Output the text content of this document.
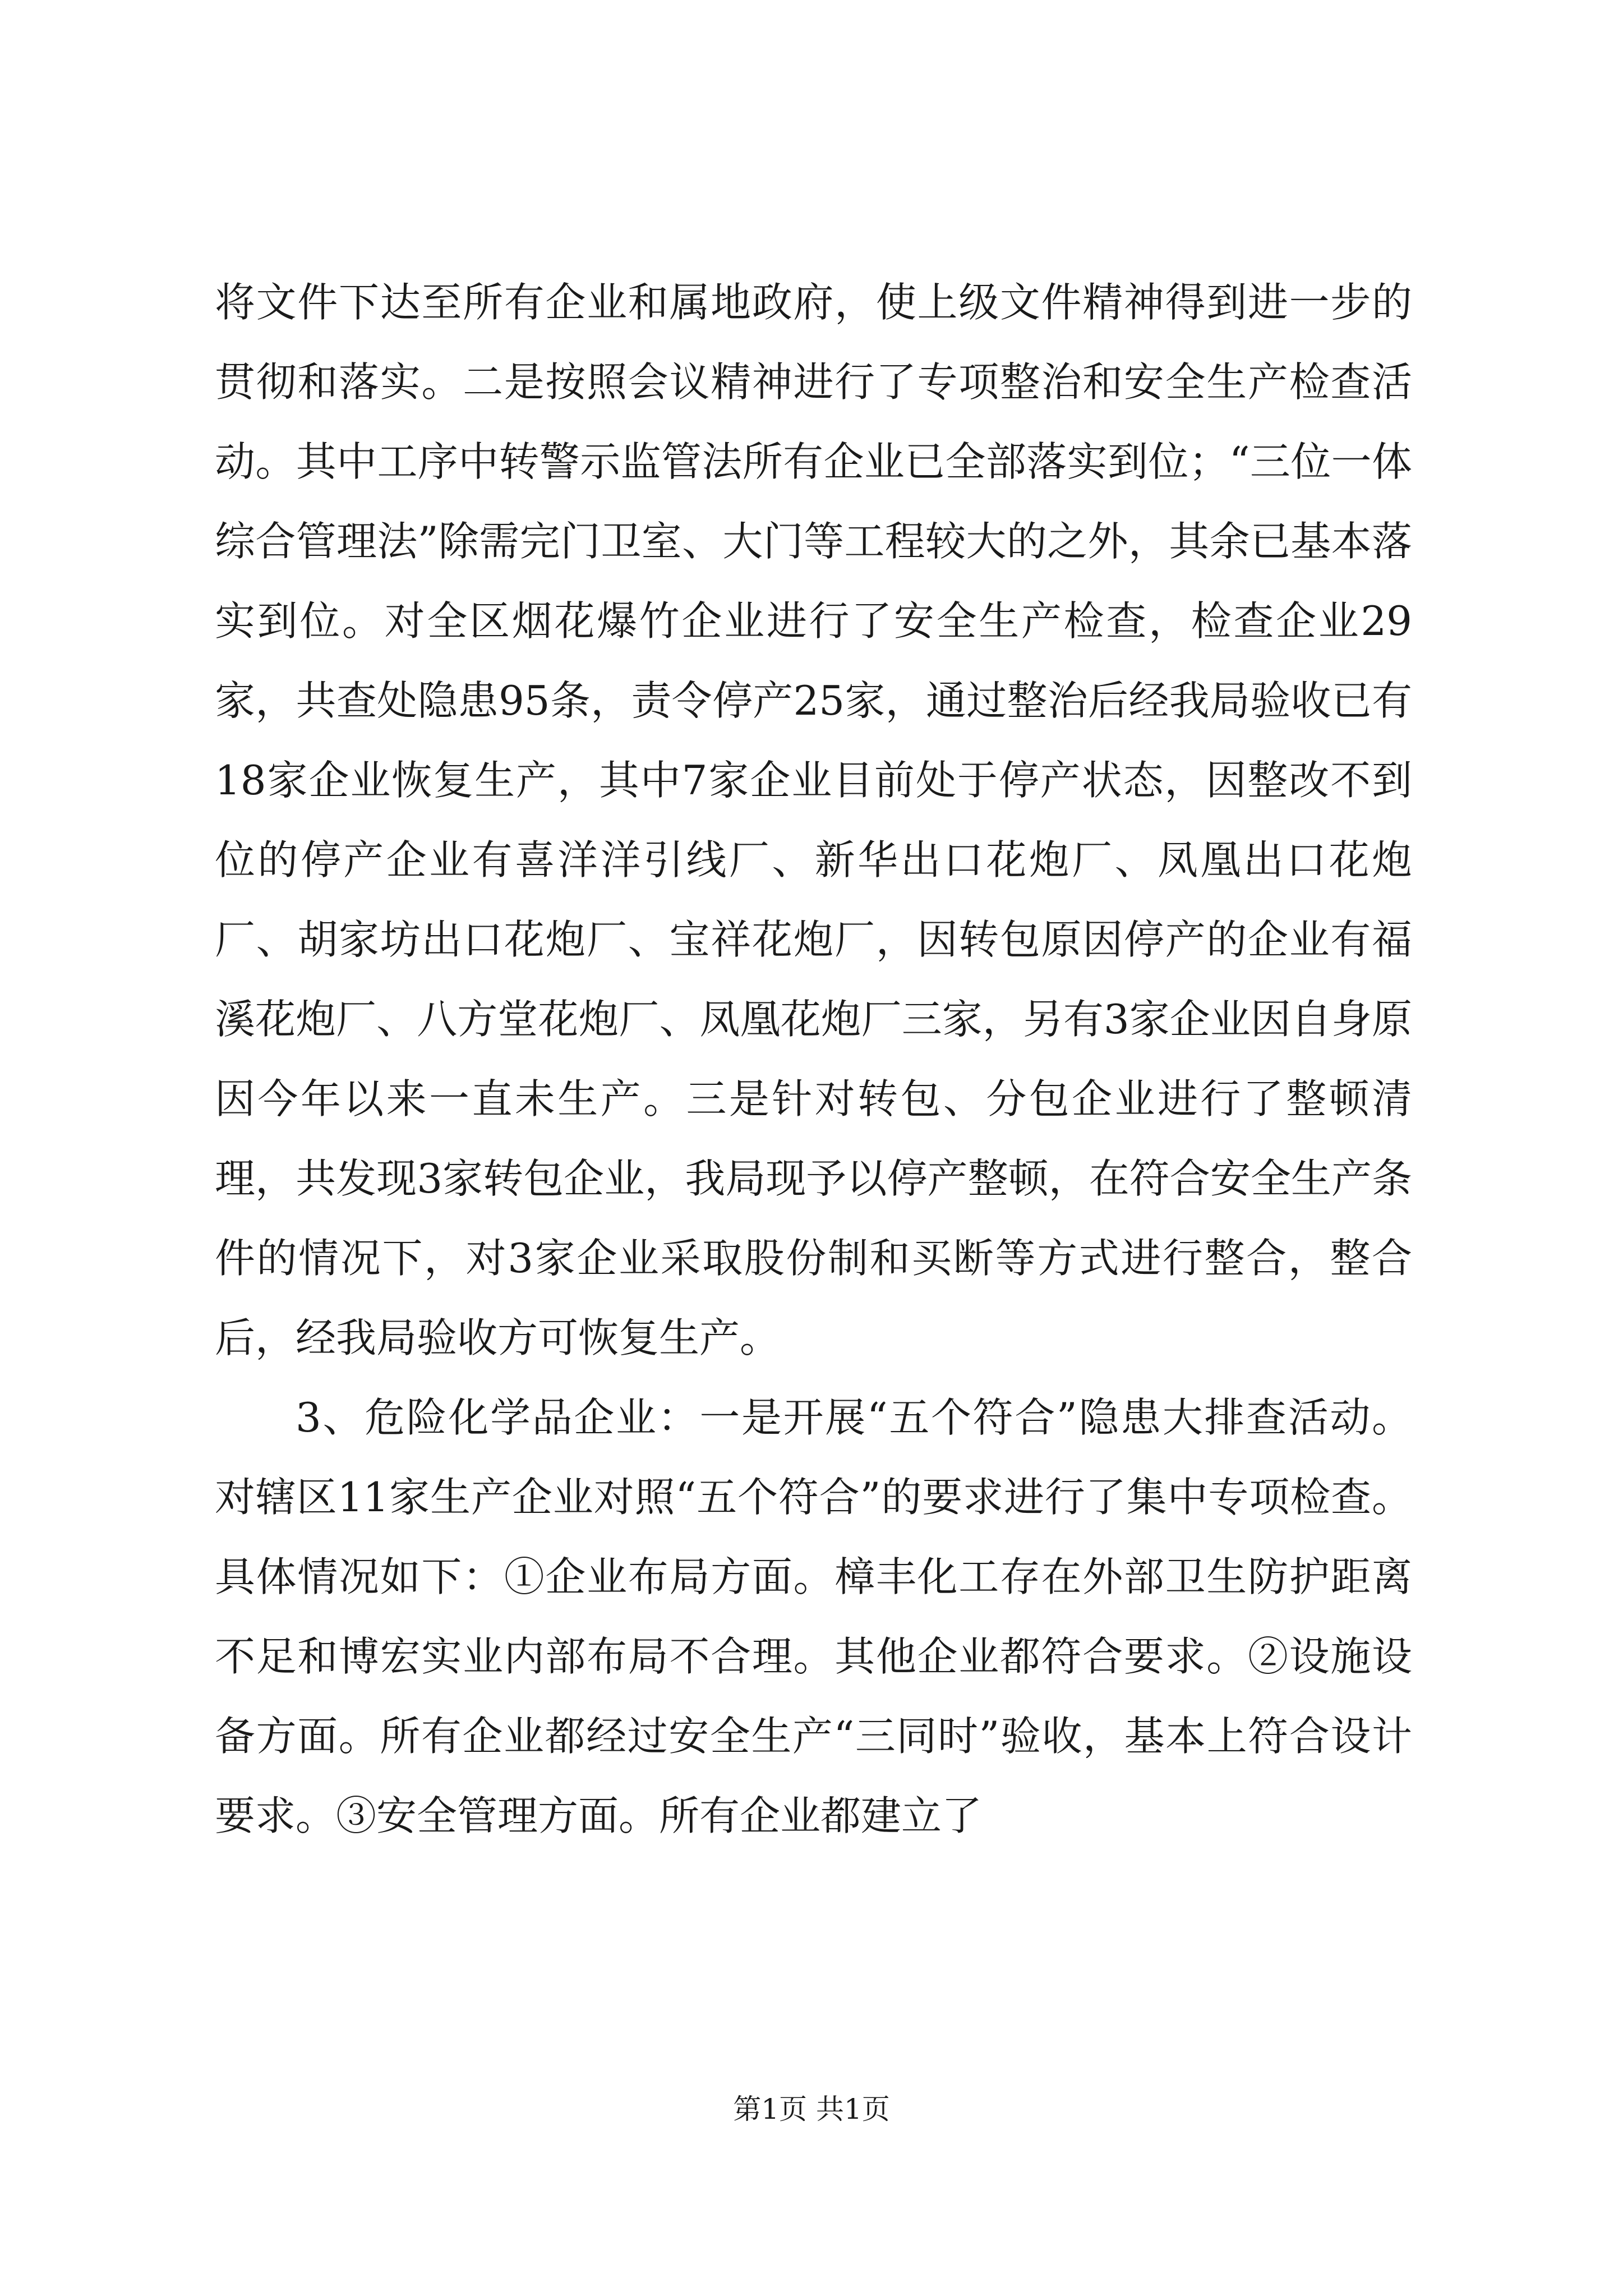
将文件下达至所有企业和属地政府，使上级文件精神得到进一步的贯彻和落实。二是按照会议精神进行了专项整治和安全生产检查活动。其中工序中转警示监管法所有企业已全部落实到位；“三位一体综合管理法”除需完门卫室、大门等工程较大的之外，其余已基本落实到位。对全区烟花爆竹企业进行了安全生产检查，检查企业29家，共查处隐患95条，责令停产25家，通过整治后经我局验收已有18家企业恢复生产，其中7家企业目前处于停产状态，因整改不到位的停产企业有喜洋洋引线厂、新华出口花炮厂、凤凰出口花炮厂、胡家坊出口花炮厂、宝祥花炮厂，因转包原因停产的企业有福溪花炮厂、八方堂花炮厂、凤凰花炮厂三家，另有3家企业因自身原因今年以来一直未生产。三是针对转包、分包企业进行了整顿清理，共发现3家转包企业，我局现予以停产整顿，在符合安全生产条件的情况下，对3家企业采取股份制和买断等方式进行整合，整合后，经我局验收方可恢复生产。

3、危险化学品企业：一是开展“五个符合”隐患大排查活动。对辖区11家生产企业对照“五个符合”的要求进行了集中专项检查。具体情况如下：①企业布局方面。樟丰化工存在外部卫生防护距离不足和博宏实业内部布局不合理。其他企业都符合要求。②设施设备方面。所有企业都经过安全生产“三同时”验收，基本上符合设计要求。③安全管理方面。所有企业都建立了

第1页 共1页
